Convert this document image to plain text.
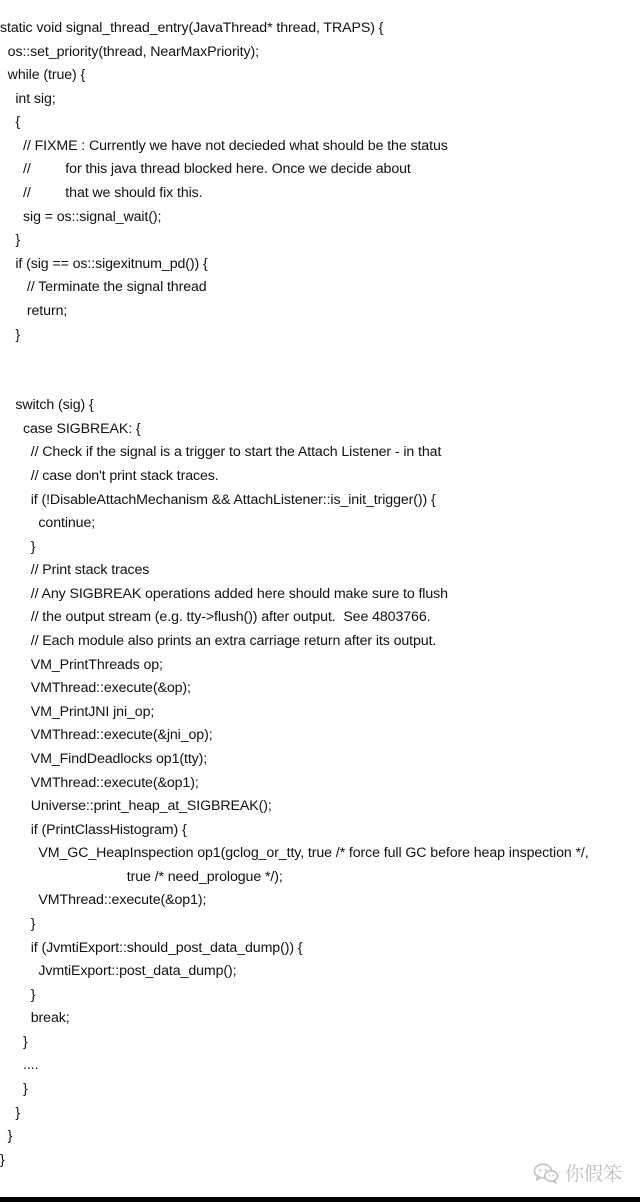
static void signal_thread_entry(JavaThread* thread, TRAPS) {
os::set_priority(thread, NearMaxPriority);
while (true) {
int sig;
{
// FIXME : Currently we have not decieded what should be the status
//         for this java thread blocked here. Once we decide about
//         that we should fix this.
sig = os::signal_wait();
}
if (sig == os::sigexitnum_pd()) {
// Terminate the signal thread
return;
}
switch (sig) {
case SIGBREAK: {
// Check if the signal is a trigger to start the Attach Listener - in that
// case don't print stack traces.
if (!DisableAttachMechanism && AttachListener::is_init_trigger()) {
continue;
}
// Print stack traces
// Any SIGBREAK operations added here should make sure to flush
// the output stream (e.g. tty->flush()) after output.  See 4803766.
// Each module also prints an extra carriage return after its output.
VM_PrintThreads op;
VMThread::execute(&op);
VM_PrintJNI jni_op;
VMThread::execute(&jni_op);
VM_FindDeadlocks op1(tty);
VMThread::execute(&op1);
Universe::print_heap_at_SIGBREAK();
if (PrintClassHistogram) {
VM_GC_HeapInspection op1(gclog_or_tty, true /* force full GC before heap inspection */,
true /* need_prologue */);
VMThread::execute(&op1);
}
if (JvmtiExport::should_post_data_dump()) {
JvmtiExport::post_data_dump();
}
break;
}
....
}
}
}
}
你假笨
